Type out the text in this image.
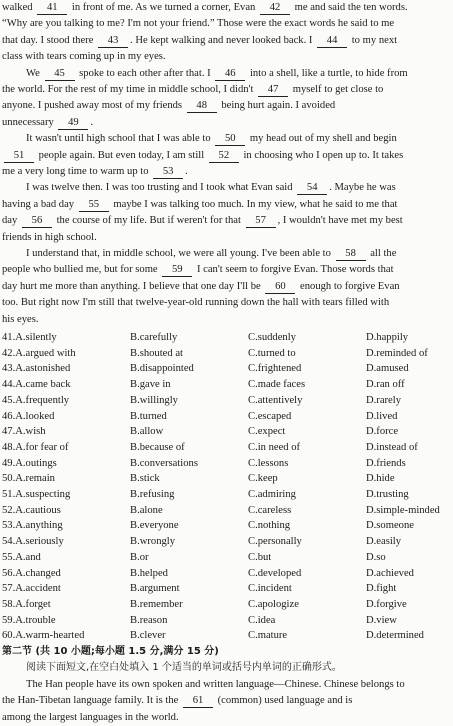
walked 41 in front of me. As we turned a corner, Evan 42 me and said the ten words.
“Why are you talking to me? I'm not your friend.” Those were the exact words he said to me
that day. I stood there 43 . He kept walking and never looked back. I 44 to my next
class with tears coming up in my eyes.
We 45 spoke to each other after that. I 46 into a shell, like a turtle, to hide from
the world. For the rest of my time in middle school, I didn't 47 myself to get close to
anyone. I pushed away most of my friends 48 being hurt again. I avoided
unnecessary 49 .
It wasn't until high school that I was able to 50 my head out of my shell and begin
51 people again. But even today, I am still 52 in choosing who I open up to. It takes
me a very long time to warm up to 53 .
I was twelve then. I was too trusting and I took what Evan said 54 . Maybe he was
having a bad day 55 maybe I was talking too much. In my view, what he said to me that
day 56 the course of my life. But if weren't for that 57 , I wouldn't have met my best
friends in high school.
I understand that, in middle school, we were all young. I've been able to 58 all the
people who bullied me, but for some 59 I can't seem to forgive Evan. Those words that
day hurt me more than anything. I believe that one day I'll be 60 enough to forgive Evan
too. But right now I'm still that twelve-year-old running down the hall with tears filled with
his eyes.
41.A.silently	B.carefully	C.suddenly	D.happily
42.A.argued with	B.shouted at	C.turned to	D.reminded of
43.A.astonished	B.disappointed	C.frightened	D.amused
44.A.came back	B.gave in	C.made faces	D.ran off
45.A.frequently	B.willingly	C.attentively	D.rarely
46.A.looked	B.turned	C.escaped	D.lived
47.A.wish	B.allow	C.expect	D.force
48.A.for fear of	B.because of	C.in need of	D.instead of
49.A.outings	B.conversations	C.lessons	D.friends
50.A.remain	B.stick	C.keep	D.hide
51.A.suspecting	B.refusing	C.admiring	D.trusting
52.A.cautious	B.alone	C.careless	D.simple-minded
53.A.anything	B.everyone	C.nothing	D.someone
54.A.seriously	B.wrongly	C.personally	D.easily
55.A.and	B.or	C.but	D.so
56.A.changed	B.helped	C.developed	D.achieved
57.A.accident	B.argument	C.incident	D.fight
58.A.forget	B.remember	C.apologize	D.forgive
59.A.trouble	B.reason	C.idea	D.view
60.A.warm-hearted	B.clever	C.mature	D.determined
第二节 (共 10 小题;每小题 1.5 分,满分 15 分)
阅读下面短文,在空白处填入 1 个适当的单词或括号内单词的正确形式。
The Han people have its own spoken and written language—Chinese. Chinese belongs to
the Han-Tibetan language family. It is the 61 (common) used language and is
among the largest languages in the world.
